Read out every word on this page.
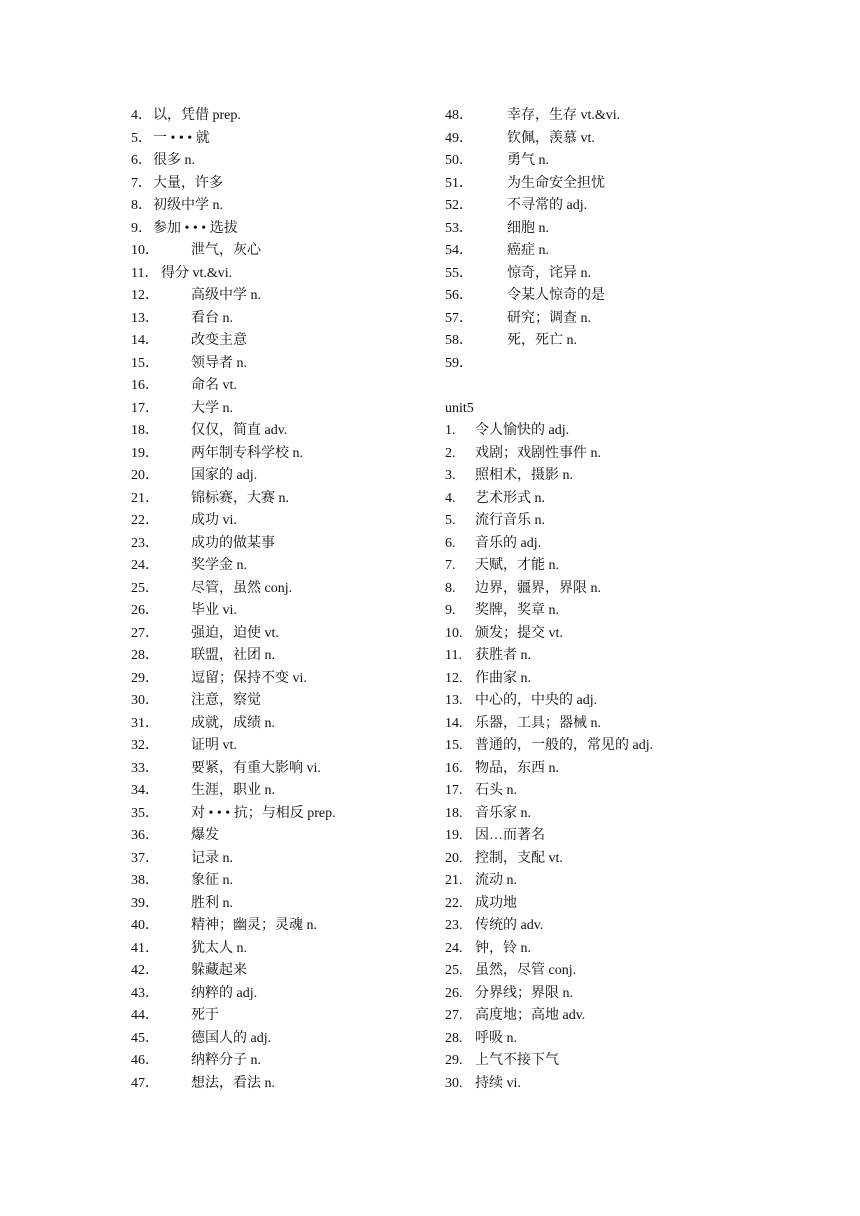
4．以，凭借 prep.
5．一 • • • 就
6．很多 n.
7．大量，许多
8．初级中学 n.
9．参加 • • • 选拔
10． 泄气，灰心
11． 得分 vt.&vi.
12． 高级中学 n.
13． 看台 n.
14． 改变主意
15． 领导者 n.
16． 命名 vt.
17． 大学 n.
18． 仅仅，简直 adv.
19． 两年制专科学校 n.
20． 国家的 adj.
21． 锦标赛，大赛 n.
22． 成功 vi.
23． 成功的做某事
24． 奖学金 n.
25． 尽管，虽然 conj.
26． 毕业 vi.
27． 强迫，迫使 vt.
28． 联盟，社团 n.
29． 逗留；保持不变 vi.
30． 注意，察觉
31． 成就，成绩 n.
32． 证明 vt.
33． 要紧，有重大影响 vi.
34． 生涯，职业 n.
35． 对 • • • 抗；与相反 prep.
36． 爆发
37． 记录 n.
38． 象征 n.
39． 胜利 n.
40． 精神；幽灵；灵魂 n.
41． 犹太人 n.
42． 躲藏起来
43． 纳粹的 adj.
44． 死于
45． 德国人的 adj.
46． 纳粹分子 n.
47． 想法，看法 n.
48． 幸存，生存 vt.&vi.
49． 钦佩，羡慕 vt.
50． 勇气 n.
51． 为生命安全担忧
52． 不寻常的 adj.
53． 细胞 n.
54． 癌症 n.
55． 惊奇，诧异 n.
56． 令某人惊奇的是
57． 研究；调查 n.
58． 死，死亡 n.
59．
unit5
1. 令人愉快的 adj.
2. 戏剧；戏剧性事件 n.
3. 照相术，摄影 n.
4. 艺术形式 n.
5. 流行音乐 n.
6. 音乐的 adj.
7. 天赋，才能 n.
8. 边界，疆界，界限 n.
9. 奖牌，奖章 n.
10. 颁发；提交 vt.
11. 获胜者 n.
12. 作曲家 n.
13. 中心的，中央的 adj.
14. 乐器，工具；器械 n.
15. 普通的，一般的，常见的 adj.
16. 物品，东西 n.
17. 石头 n.
18. 音乐家 n.
19. 因…而著名
20. 控制，支配 vt.
21. 流动 n.
22. 成功地
23. 传统的 adv.
24. 钟，铃 n.
25. 虽然，尽管 conj.
26. 分界线；界限 n.
27. 高度地；高地 adv.
28. 呼吸 n.
29. 上气不接下气
30. 持续 vi.
